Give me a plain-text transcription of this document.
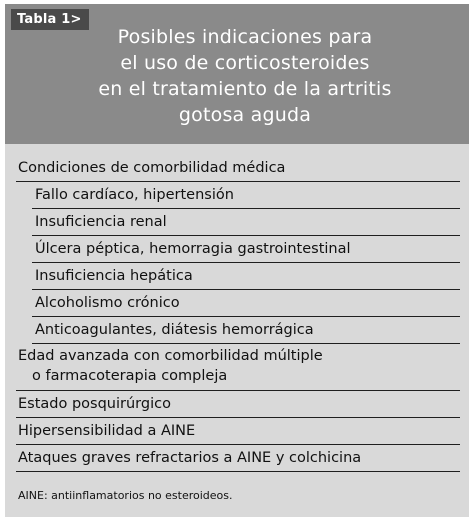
Tabla 1>
Posibles indicaciones para
el uso de corticosteroides
en el tratamiento de la artritis
gotosa aguda
Condiciones de comorbilidad médica
Fallo cardíaco, hipertensión
Insuficiencia renal
Úlcera péptica, hemorragia gastrointestinal
Insuficiencia hepática
Alcoholismo crónico
Anticoagulantes, diátesis hemorrágica
Edad avanzada con comorbilidad múltiple
o farmacoterapia compleja
Estado posquirúrgico
Hipersensibilidad a AINE
Ataques graves refractarios a AINE y colchicina
AINE: antiinflamatorios no esteroideos.
